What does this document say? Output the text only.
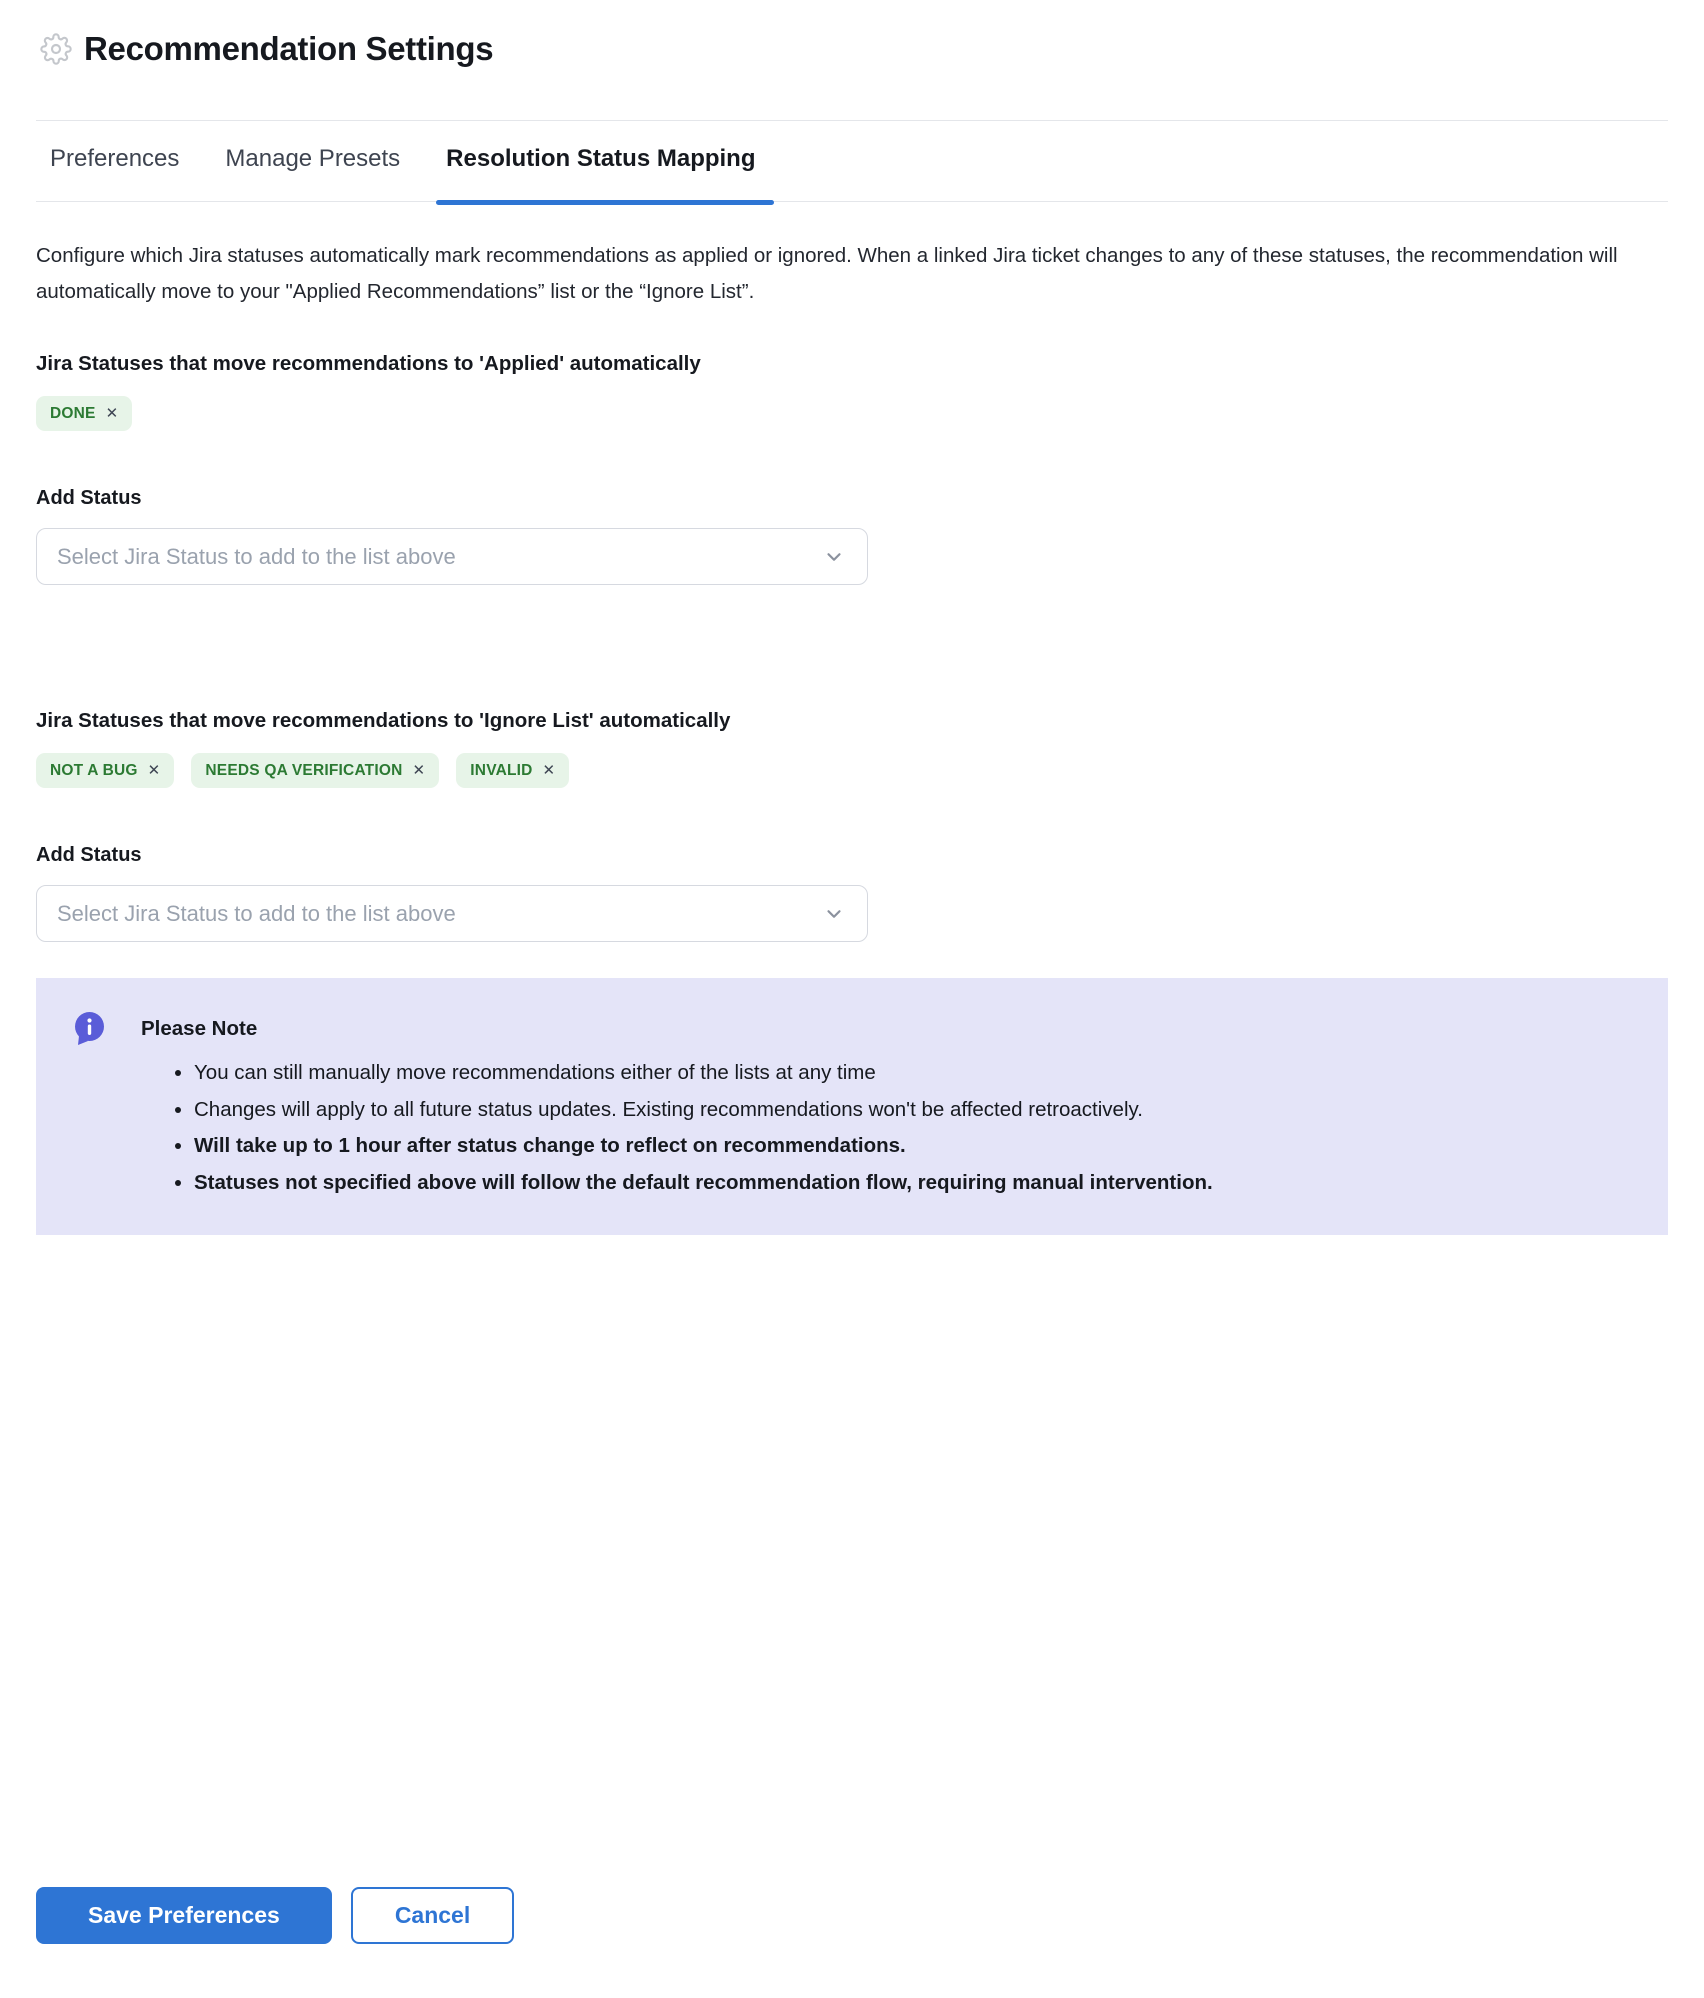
Recommendation Settings
Preferences Manage Presets Resolution Status Mapping

Configure which Jira statuses automatically mark recommendations as applied or ignored. When a linked Jira ticket changes to any of these statuses, the recommendation will automatically move to your "Applied Recommendations” list or the “Ignore List”.

Jira Statuses that move recommendations to 'Applied' automatically
DONE ✕
Add Status
Select Jira Status to add to the list above
Jira Statuses that move recommendations to 'Ignore List' automatically
NOT A BUG ✕	NEEDS QA VERIFICATION ✕	INVALID ✕
Add Status
Select Jira Status to add to the list above
Please Note
• You can still manually move recommendations either of the lists at any time
• Changes will apply to all future status updates. Existing recommendations won't be affected retroactively.
• Will take up to 1 hour after status change to reflect on recommendations.
• Statuses not specified above will follow the default recommendation flow, requiring manual intervention.
Save Preferences	Cancel
